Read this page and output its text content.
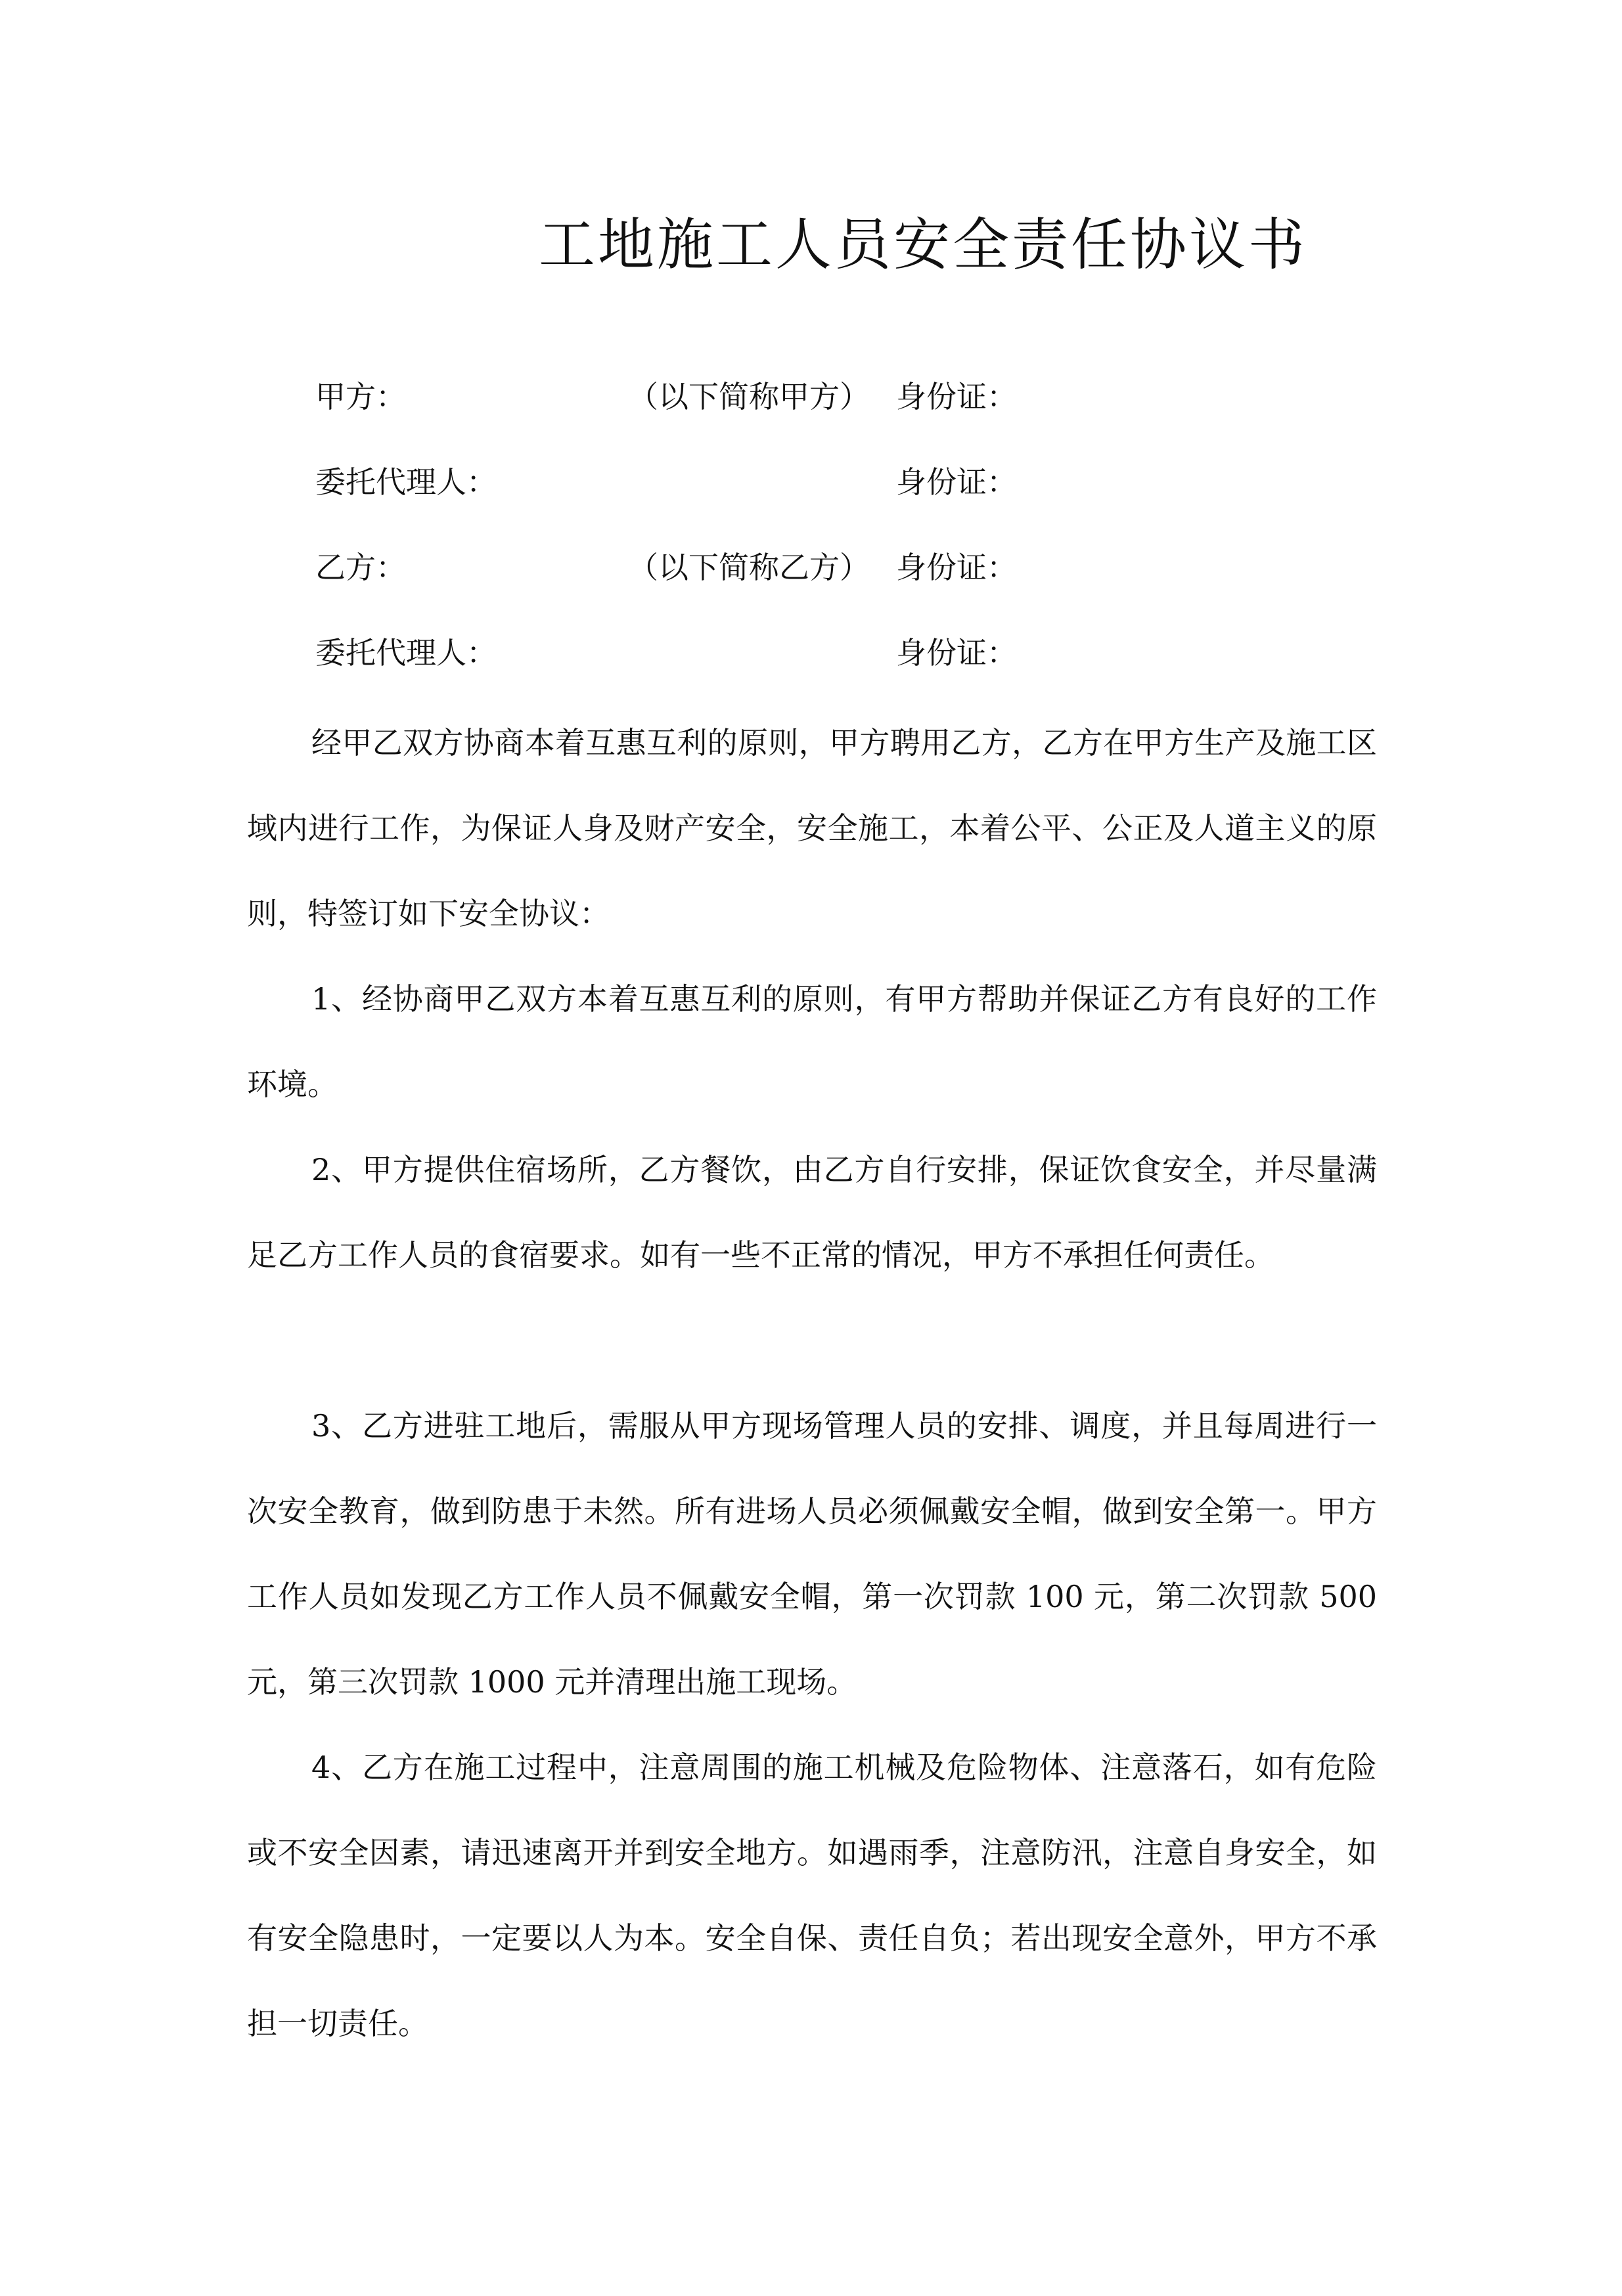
工地施工人员安全责任协议书
甲方：	（以下简称甲方） 身份证：
委托代理人：	身份证：
乙方：	（以下简称乙方） 身份证：
委托代理人：	身份证：

经甲乙双方协商本着互惠互利的原则，甲方聘用乙方，乙方在甲方生产及施工区域内进行工作，为保证人身及财产安全，安全施工，本着公平、公正及人道主义的原则，特签订如下安全协议：

1、经协商甲乙双方本着互惠互利的原则，有甲方帮助并保证乙方有良好的工作环境。

2、甲方提供住宿场所，乙方餐饮，由乙方自行安排，保证饮食安全，并尽量满足乙方工作人员的食宿要求。如有一些不正常的情况，甲方不承担任何责任。

3、乙方进驻工地后，需服从甲方现场管理人员的安排、调度，并且每周进行一次安全教育，做到防患于未然。所有进场人员必须佩戴安全帽，做到安全第一。甲方工作人员如发现乙方工作人员不佩戴安全帽，第一次罚款 100 元，第二次罚款 500 元，第三次罚款 1000 元并清理出施工现场。

4、乙方在施工过程中，注意周围的施工机械及危险物体、注意落石，如有危险或不安全因素，请迅速离开并到安全地方。如遇雨季，注意防汛，注意自身安全，如有安全隐患时，一定要以人为本。安全自保、责任自负；若出现安全意外，甲方不承担一切责任。
